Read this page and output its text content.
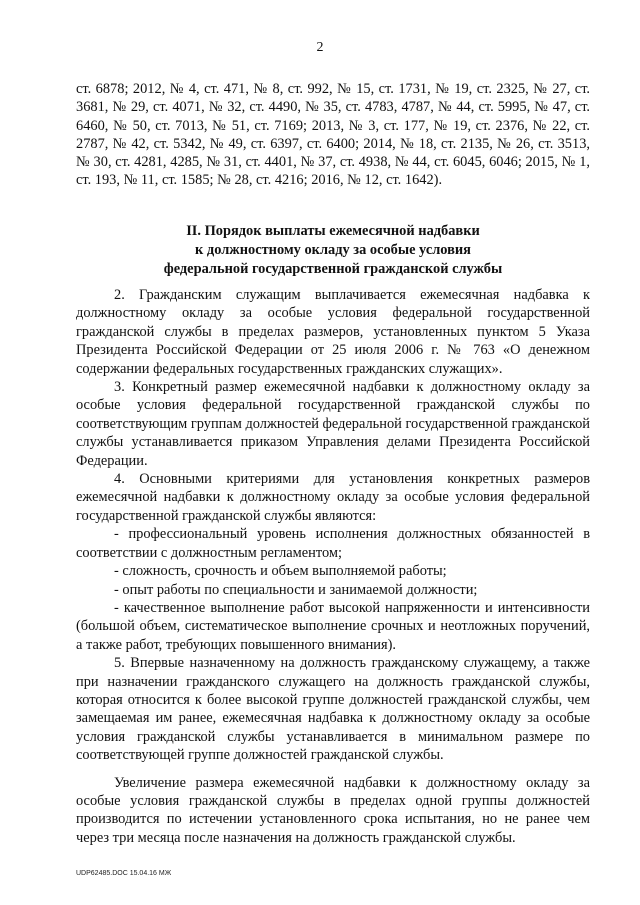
2
ст. 6878; 2012, № 4, ст. 471, № 8, ст. 992, № 15, ст. 1731, № 19, ст. 2325, № 27, ст. 3681, № 29, ст. 4071, № 32, ст. 4490, № 35, ст. 4783, 4787, № 44, ст. 5995, № 47, ст. 6460, № 50, ст. 7013, № 51, ст. 7169; 2013, № 3, ст. 177, № 19, ст. 2376, № 22, ст. 2787, № 42, ст. 5342, № 49, ст. 6397, ст. 6400; 2014, № 18, ст. 2135, № 26, ст. 3513, № 30, ст. 4281, 4285, № 31, ст. 4401, № 37, ст. 4938, № 44, ст. 6045, 6046; 2015, № 1, ст. 193, № 11, ст. 1585; № 28, ст. 4216; 2016, № 12, ст. 1642).
II. Порядок выплаты ежемесячной надбавки
к должностному окладу за особые условия
федеральной государственной гражданской службы

2. Гражданским служащим выплачивается ежемесячная надбавка к должностному окладу за особые условия федеральной государственной гражданской службы в пределах размеров, установленных пунктом 5 Указа Президента Российской Федерации от 25 июля 2006 г. № 763 «О денежном содержании федеральных государственных гражданских служащих».

3. Конкретный размер ежемесячной надбавки к должностному окладу за особые условия федеральной государственной гражданской службы по соответствующим группам должностей федеральной государственной гражданской службы устанавливается приказом Управления делами Президента Российской Федерации.

4. Основными критериями для установления конкретных размеров ежемесячной надбавки к должностному окладу за особые условия федеральной государственной гражданской службы являются:

- профессиональный уровень исполнения должностных обязанностей в соответствии с должностным регламентом;

- сложность, срочность и объем выполняемой работы;

- опыт работы по специальности и занимаемой должности;

- качественное выполнение работ высокой напряженности и интенсивности (большой объем, систематическое выполнение срочных и неотложных поручений, а также работ, требующих повышенного внимания).

5. Впервые назначенному на должность гражданскому служащему, а также при назначении гражданского служащего на должность гражданской службы, которая относится к более высокой группе должностей гражданской службы, чем замещаемая им ранее, ежемесячная надбавка к должностному окладу за особые условия гражданской службы устанавливается в минимальном размере по соответствующей группе должностей гражданской службы.

Увеличение размера ежемесячной надбавки к должностному окладу за особые условия гражданской службы в пределах одной группы должностей производится по истечении установленного срока испытания, но не ранее чем через три месяца после назначения на должность гражданской службы.

UDP62485.DOC 15.04.16 МЖ
